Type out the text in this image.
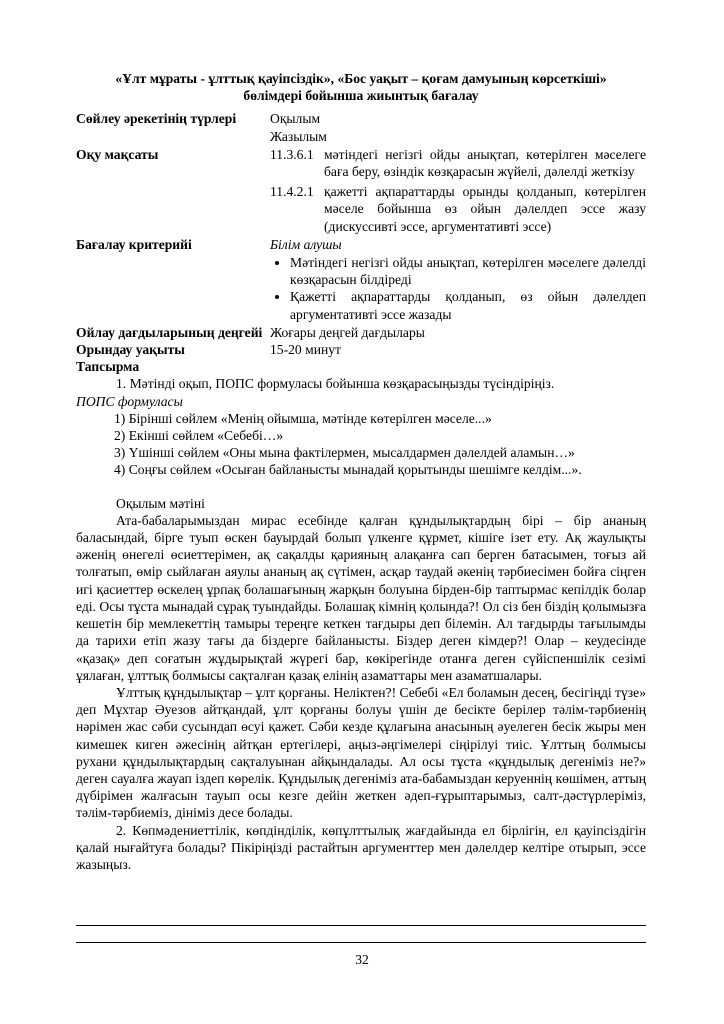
«Ұлт мұраты - ұлттық қауіпсіздік», «Бос уақыт – қоғам дамуының көрсеткіші»
бөлімдері бойынша жиынтық бағалау
Сөйлеу әрекетінің түрлері	Оқылым
Жазылым
Оқу мақсаты	11.3.6.1 мәтіндегі негізгі ойды анықтап, көтерілген мәселеге баға беру, өзіндік көзқарасын жүйелі, дәлелді жеткізу
11.4.2.1 қажетті ақпараттарды орынды қолданып, көтерілген мәселе бойынша өз ойын дәлелдеп эссе жазу (дискуссивті эссе, аргументативті эссе)
Бағалау критерийі	Білім алушы
• Мәтіндегі негізгі ойды анықтап, көтерілген мәселеге дәлелді көзқарасын білдіреді
• Қажетті ақпараттарды қолданып, өз ойын дәлелдеп аргументативті эссе жазады
Ойлау дағдыларының деңгейі Жоғары деңгей дағдылары
Орындау уақыты	15-20 минут
Тапсырма
1. Мәтінді оқып, ПОПС формуласы бойынша көзқарасыңызды түсіндіріңіз.
ПОПС формуласы
1) Бірінші сөйлем «Менің ойымша, мәтінде көтерілген мәселе...»
2) Екінші сөйлем «Себебі…»
3) Үшінші сөйлем «Оны мына фактілермен, мысалдармен дәлелдей аламын…»
4) Соңғы сөйлем «Осыған байланысты мынадай қорытынды шешімге келдім...».
Оқылым мәтіні
Ата-бабаларымыздан мирас есебінде қалған құндылықтардың бірі – бір ананың баласындай, бірге туып өскен бауырдай болып үлкенге құрмет, кішіге ізет ету. Ақ жаулықты әженің өнегелі өсиеттерімен, ақ сақалды қарияның алақанға сап берген батасымен, тоғыз ай толғатып, өмір сыйлаған аяулы ананың ақ сүтімен, асқар таудай әкенің тәрбиесімен бойға сіңген игі қасиеттер өскелең ұрпақ болашағының жарқын болуына бірден-бір таптырмас кепілдік болар еді. Осы тұста мынадай сұрақ туындайды. Болашақ кімнің қолында?! Ол сіз бен біздің қолымызға кешетін бір мемлекеттің тамыры тереңге кеткен тағдыры деп білемін. Ал тағдырды тағылымды да тарихи етіп жазу тағы да біздерге байланысты. Біздер деген кімдер?! Олар – кеудесінде «қазақ» деп соғатын жұдырықтай жүрегі бар, көкірегінде отанға деген сүйіспеншілік сезімі ұялаған, ұлттық болмысы сақталған қазақ елінің азаматтары мен азаматшалары.
Ұлттық құндылықтар – ұлт қорғаны. Неліктен?! Себебі «Ел боламын десең, бесігіңді түзе» деп Мұхтар Әуезов айтқандай, ұлт қорғаны болуы үшін де бесікте берілер тәлім-тәрбиенің нәрімен жас сәби сусындап өсуі қажет. Сәби кезде құлағына анасының әуелеген бесік жыры мен кимешек киген әжесінің айтқан ертегілері, аңыз-әңгімелері сіңірілуі тиіс. Ұлттың болмысы рухани құндылықтардың сақталуынан айқындалады. Ал осы тұста «құндылық дегеніміз не?» деген сауалға жауап іздеп көрелік. Құндылық дегеніміз ата-бабамыздан керуеннің көшімен, аттың дүбірімен жалғасын тауып осы кезге дейін жеткен әдеп-ғұрыптарымыз, салт-дәстүрлеріміз, тәлім-тәрбиеміз, дініміз десе болады.
2. Көпмәдениеттілік, көпдінділік, көпұлттылық жағдайында ел бірлігін, ел қауіпсіздігін қалай нығайтуға болады? Пікіріңізді растайтын аргументтер мен дәлелдер келтіре отырып, эссе жазыңыз.
32
